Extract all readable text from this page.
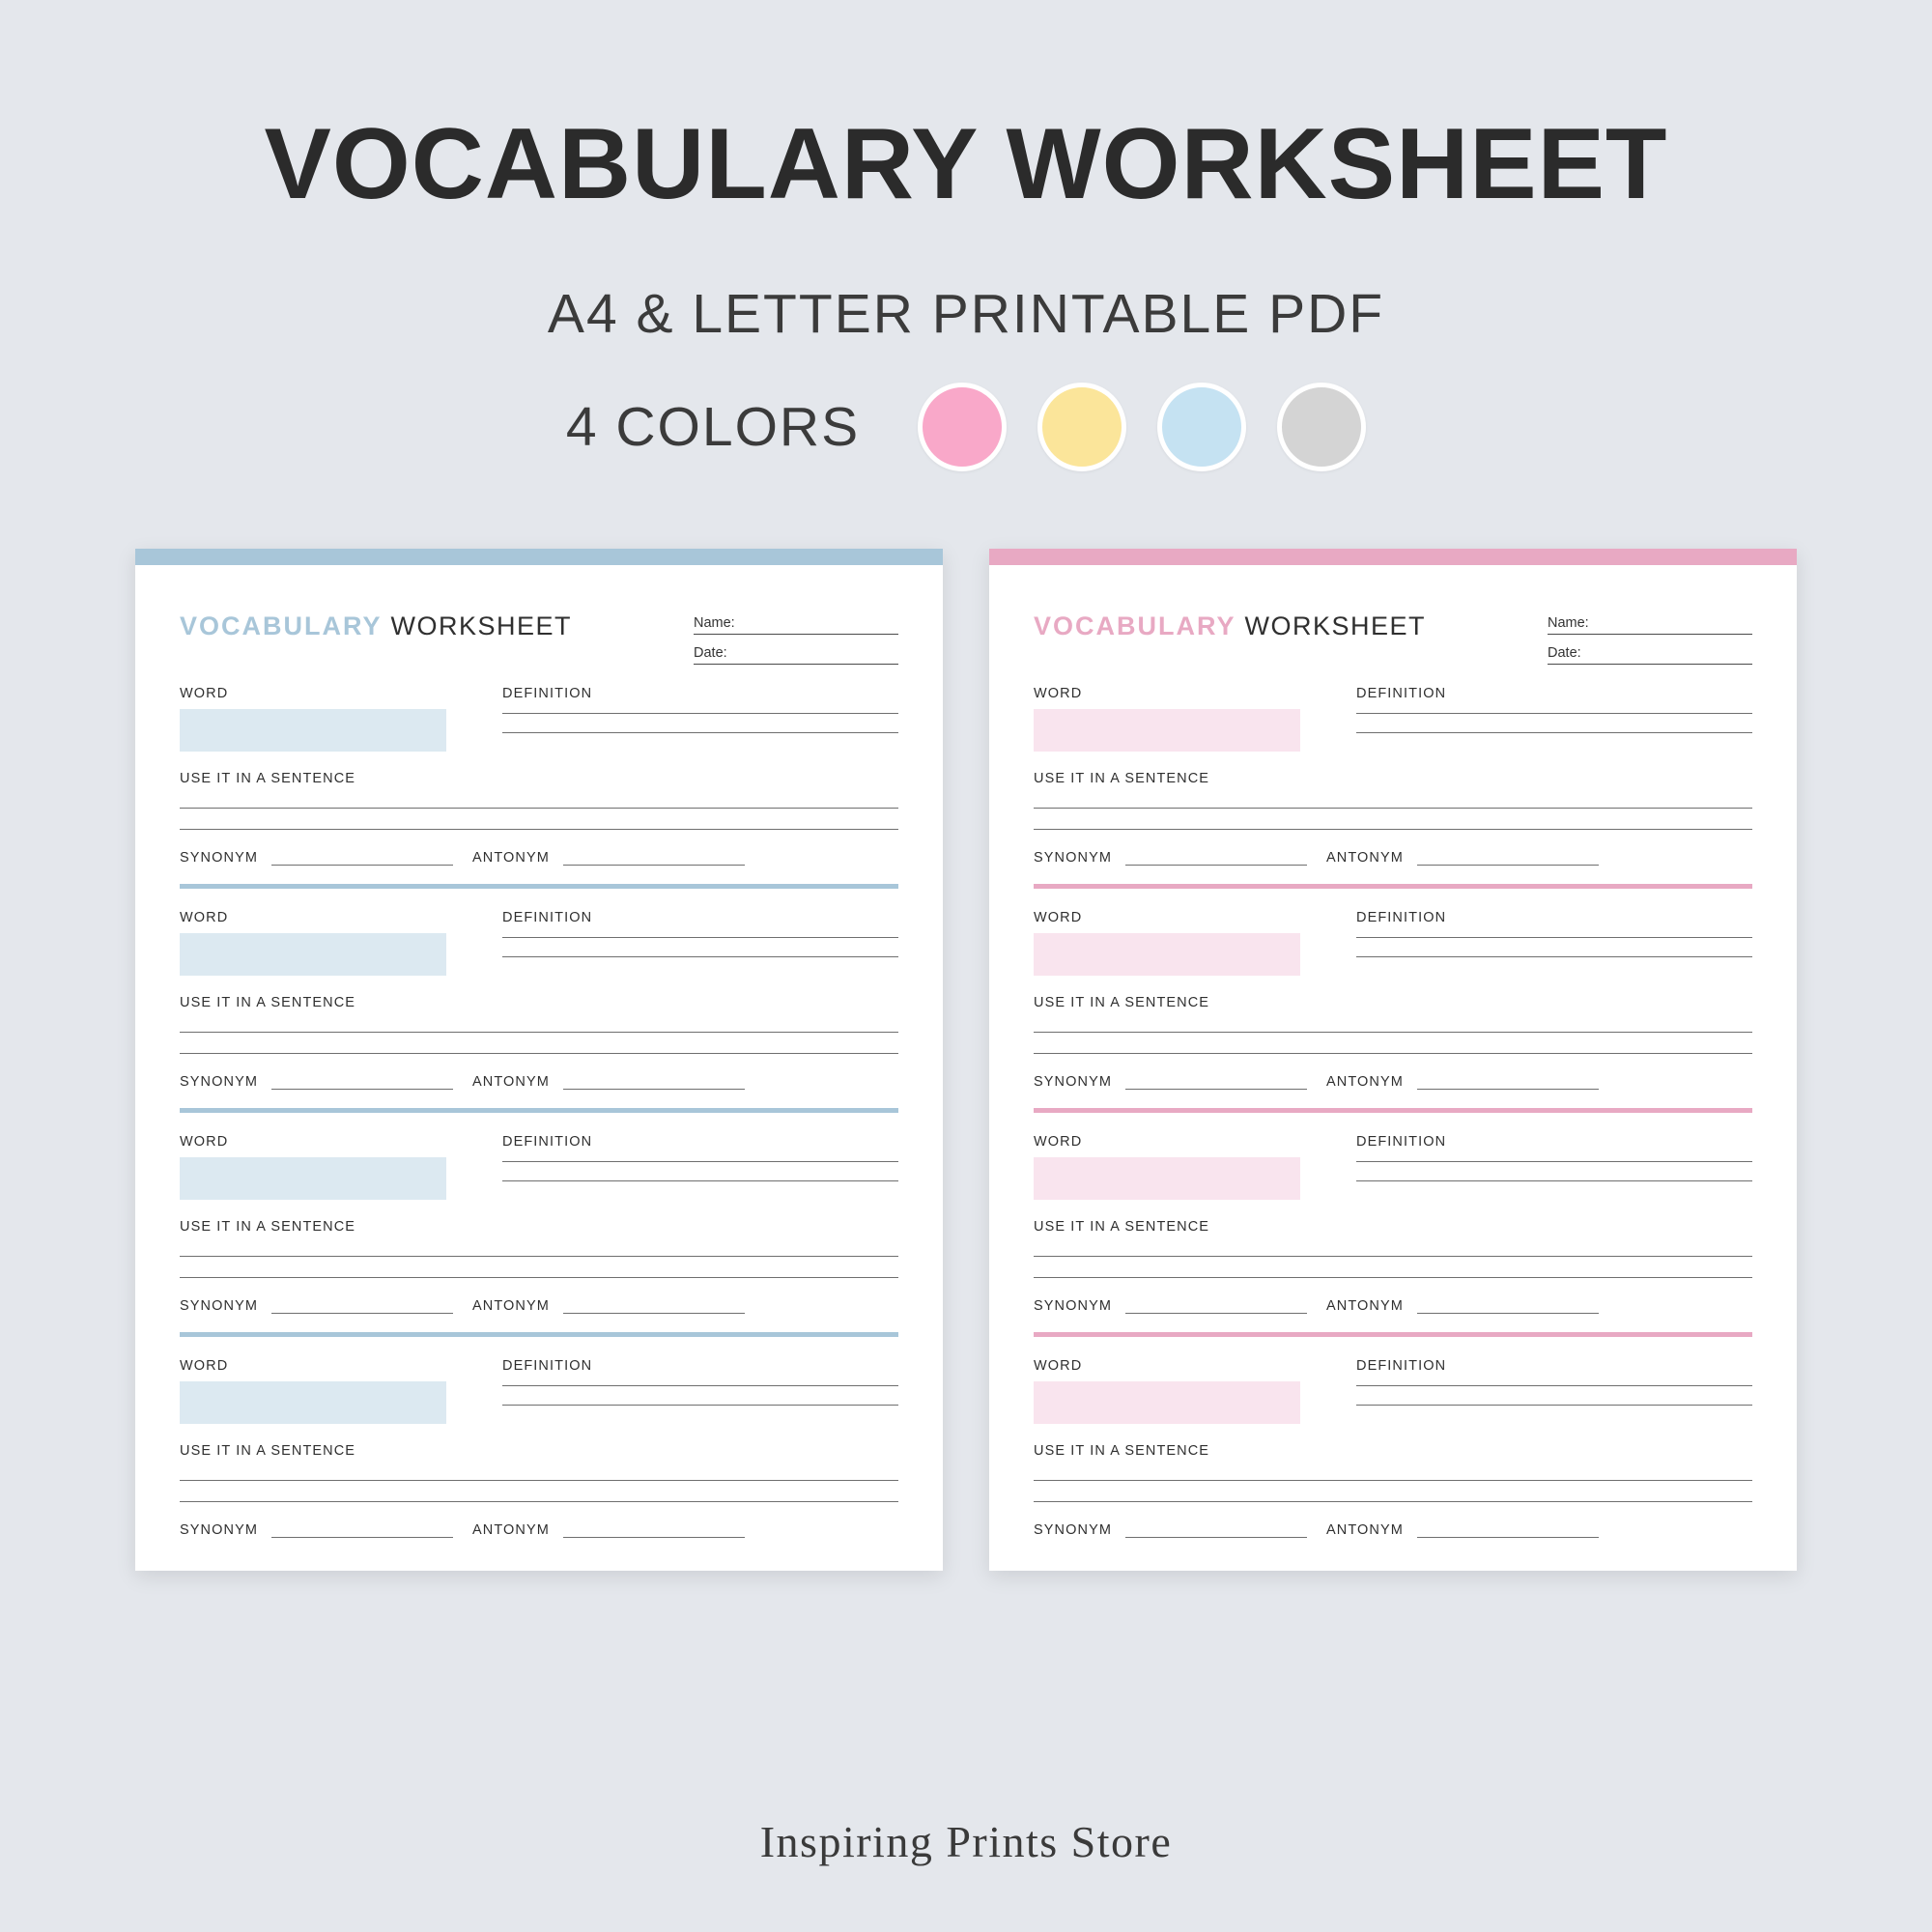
VOCABULARY WORKSHEET
A4 & LETTER PRINTABLE PDF
4 COLORS
VOCABULARY WORKSHEET	Name:
Date:
WORD	DEFINITION
USE IT IN A SENTENCE
SYNONYM	ANTONYM
WORD	DEFINITION
USE IT IN A SENTENCE
SYNONYM	ANTONYM
WORD	DEFINITION
USE IT IN A SENTENCE
SYNONYM	ANTONYM
WORD	DEFINITION
USE IT IN A SENTENCE
SYNONYM	ANTONYM
VOCABULARY WORKSHEET	Name:
Date:
WORD	DEFINITION
USE IT IN A SENTENCE
SYNONYM	ANTONYM
WORD	DEFINITION
USE IT IN A SENTENCE
SYNONYM	ANTONYM
WORD	DEFINITION
USE IT IN A SENTENCE
SYNONYM	ANTONYM
WORD	DEFINITION
USE IT IN A SENTENCE
SYNONYM	ANTONYM
Inspiring Prints Store
